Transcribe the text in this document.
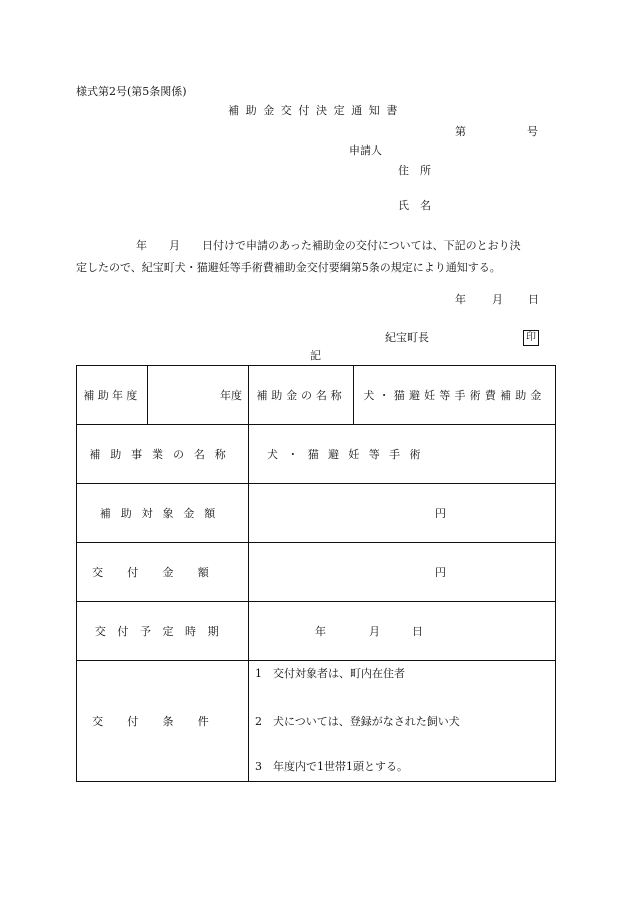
様式第2号(第5条関係)
補助金交付決定通知書
第	号
申請人
住　所
氏　名
年　　月　　日付けで申請のあった補助金の交付については、下記のとおり決
定したので、紀宝町犬・猫避妊等手術費補助金交付要綱第5条の規定により通知する。
年 月 日
紀宝町長	印
記
補助年度	年度	補助金の名称	犬・猫避妊等手術費補助金
補助事業の名称		犬・猫避妊等手術	
補助対象金額		円	
交付金額		円	
交付予定時期		年 月 日	
交付条件		1　交付対象者は、町内在住者
2　犬については、登録がなされた飼い犬
3　年度内で1世帯1頭とする。	
